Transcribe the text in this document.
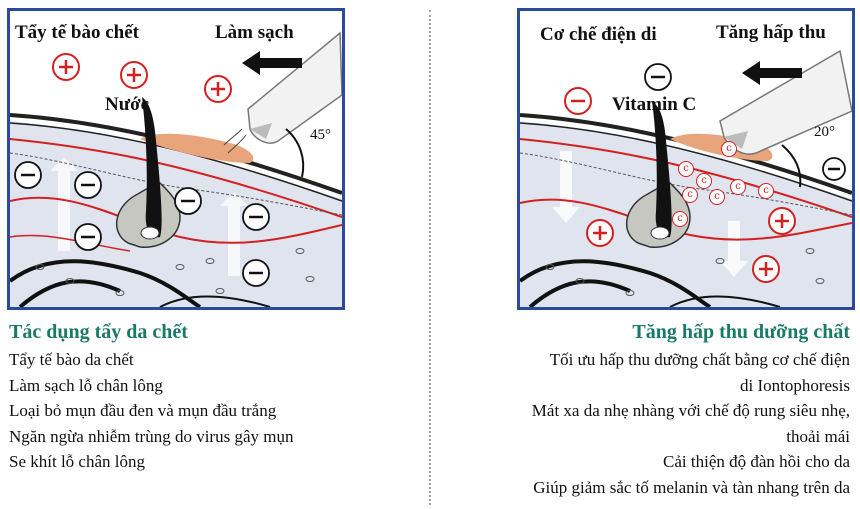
Tẩy tế bào chết	Làm sạch
Nước
45°
c
c
c
c
c
c	c
c
Cơ chế điện di	Tăng hấp thu
Vitamin C
20°
Tác dụng tẩy da chết
Tẩy tế bào da chết
Làm sạch lỗ chân lông
Loại bỏ mụn đầu đen và mụn đầu trắng
Ngăn ngừa nhiễm trùng do virus gây mụn
Se khít lỗ chân lông
Tăng hấp thu dưỡng chất
Tối ưu hấp thu dưỡng chất bằng cơ chế điện
di Iontophoresis
Mát xa da nhẹ nhàng với chế độ rung siêu nhẹ,
thoải mái
Cải thiện độ đàn hồi cho da
Giúp giảm sắc tố melanin và tàn nhang trên da
